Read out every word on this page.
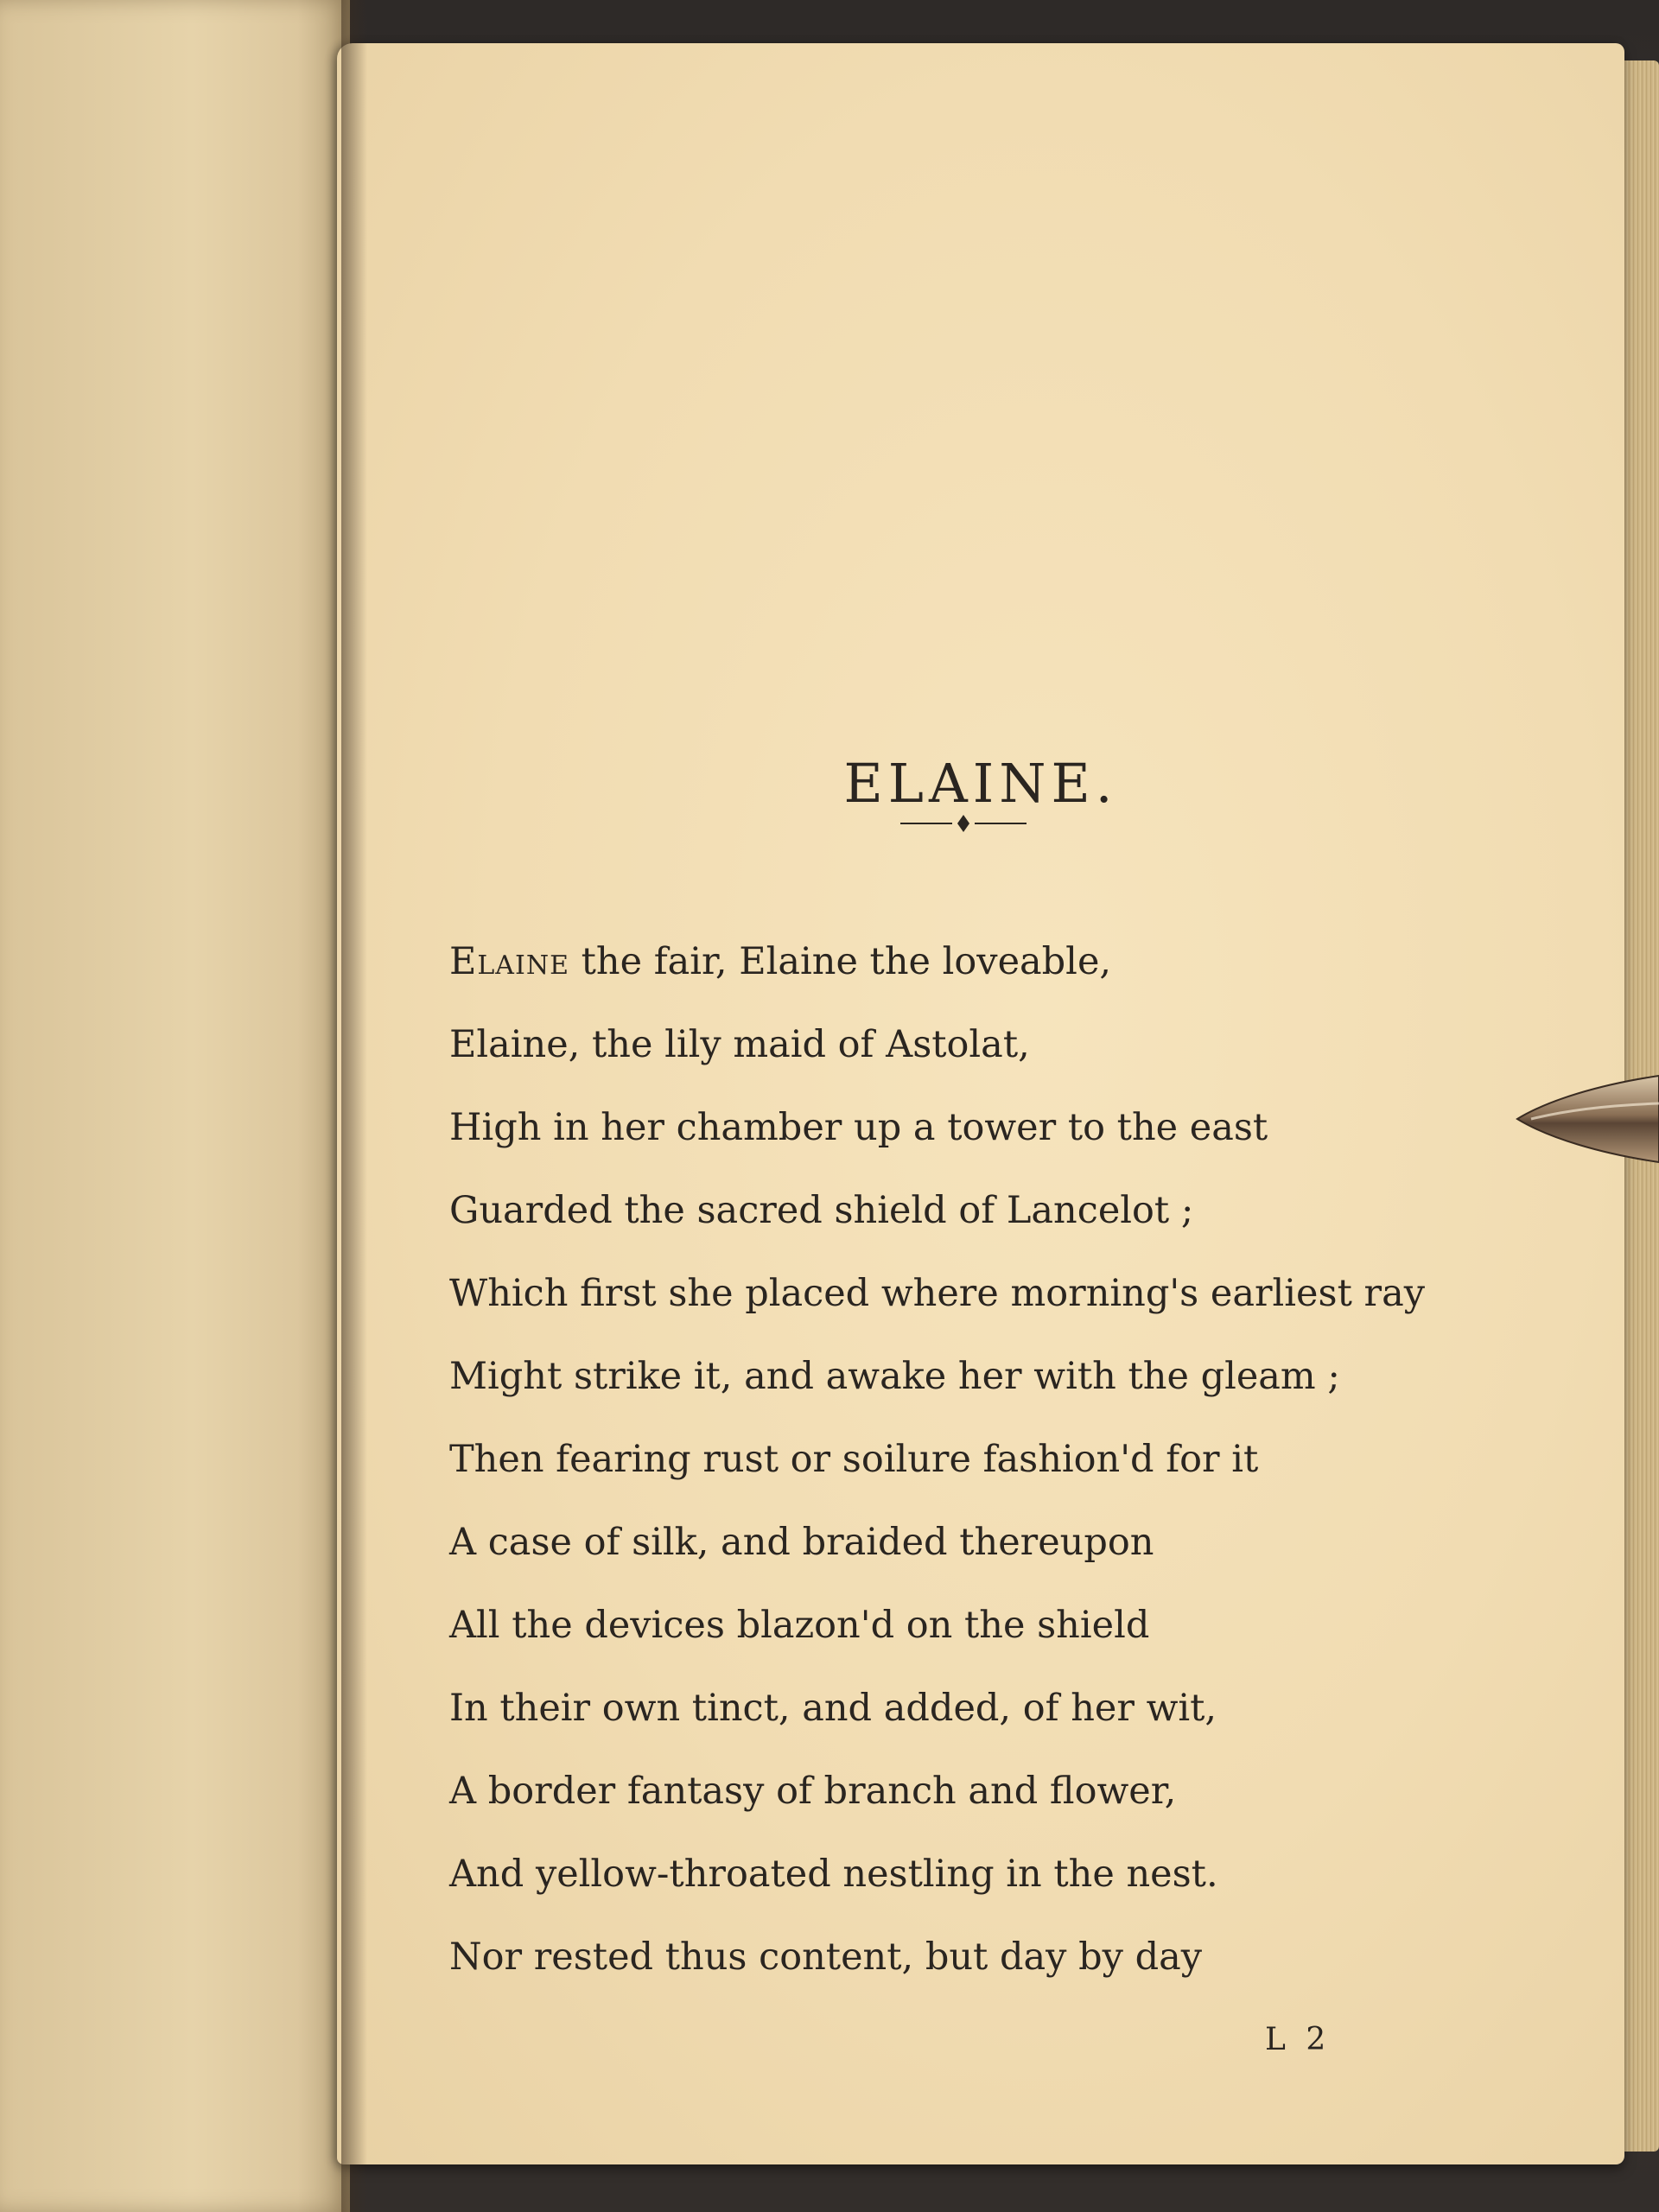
ELAINE.
Elaine the fair, Elaine the loveable,
Elaine, the lily maid of Astolat,
High in her chamber up a tower to the east
Guarded the sacred shield of Lancelot ;
Which first she placed where morning's earliest ray
Might strike it, and awake her with the gleam ;
Then fearing rust or soilure fashion'd for it
A case of silk, and braided thereupon
All the devices blazon'd on the shield
In their own tinct, and added, of her wit,
A border fantasy of branch and flower,
And yellow-throated nestling in the nest.
Nor rested thus content, but day by day

L 2
